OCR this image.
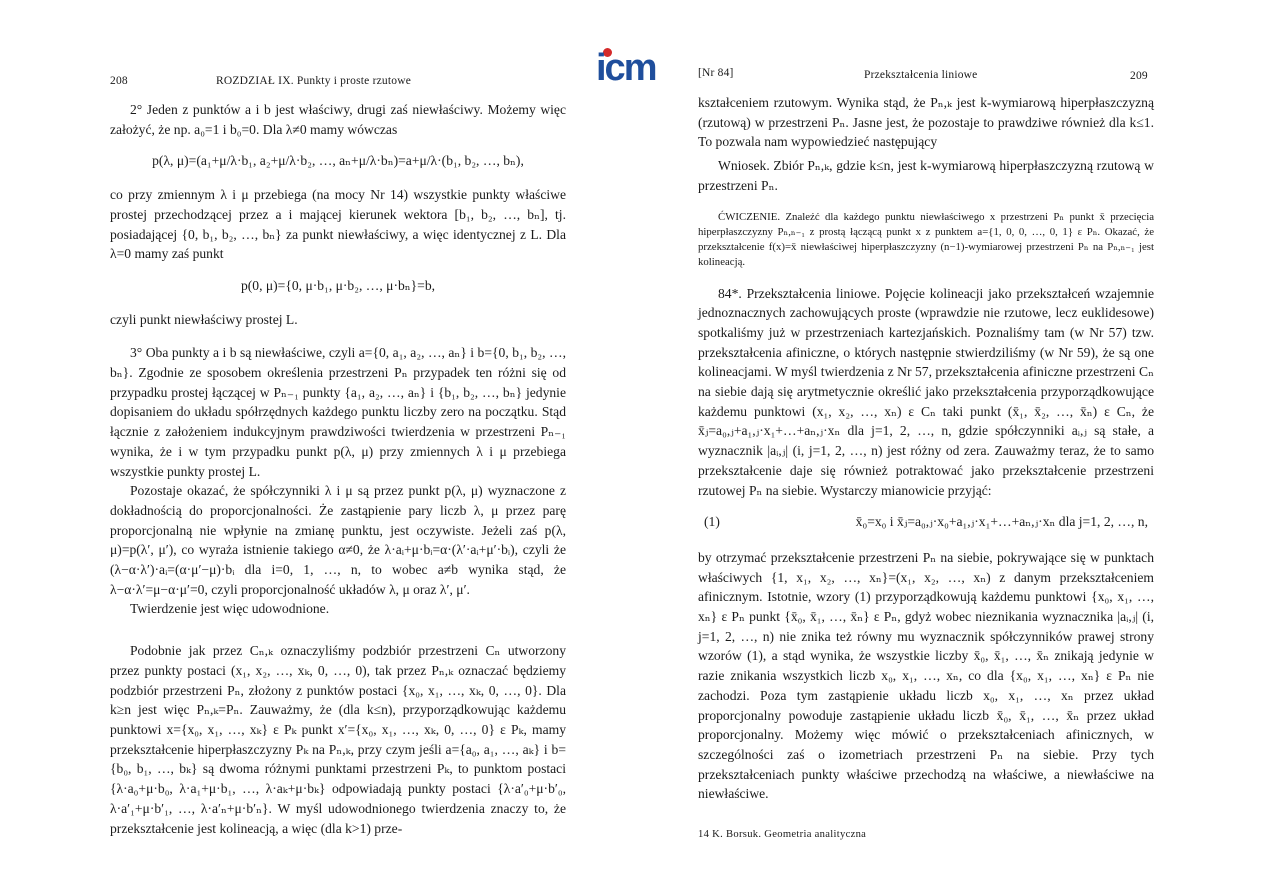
icm
208	ROZDZIAŁ IX. Punkty i proste rzutowe

2° Jeden z punktów a i b jest właściwy, drugi zaś niewłaściwy. Możemy więc założyć, że np. a₀=1 i b₀=0. Dla λ≠0 mamy wówczas

p(λ, μ)=(a₁+μ/λ·b₁, a₂+μ/λ·b₂, …, aₙ+μ/λ·bₙ)=a+μ/λ·(b₁, b₂, …, bₙ),

co przy zmiennym λ i μ przebiega (na mocy Nr 14) wszystkie punkty właściwe prostej przechodzącej przez a i mającej kierunek wektora [b₁, b₂, …, bₙ], tj. posiadającej {0, b₁, b₂, …, bₙ} za punkt niewłaściwy, a więc identycznej z L. Dla λ=0 mamy zaś punkt

p(0, μ)={0, μ·b₁, μ·b₂, …, μ·bₙ}=b,

czyli punkt niewłaściwy prostej L.

3° Oba punkty a i b są niewłaściwe, czyli a={0, a₁, a₂, …, aₙ} i b={0, b₁, b₂, …, bₙ}. Zgodnie ze sposobem określenia przestrzeni Pₙ przypadek ten różni się od przypadku prostej łączącej w Pₙ₋₁ punkty {a₁, a₂, …, aₙ} i {b₁, b₂, …, bₙ} jedynie dopisaniem do układu spółrzędnych każdego punktu liczby zero na początku. Stąd łącznie z założeniem indukcyjnym prawdziwości twierdzenia w przestrzeni Pₙ₋₁ wynika, że i w tym przypadku punkt p(λ, μ) przy zmiennych λ i μ przebiega wszystkie punkty prostej L.

Pozostaje okazać, że spółczynniki λ i μ są przez punkt p(λ, μ) wyznaczone z dokładnością do proporcjonalności. Że zastąpienie pary liczb λ, μ przez parę proporcjonalną nie wpłynie na zmianę punktu, jest oczywiste. Jeżeli zaś p(λ, μ)=p(λ′, μ′), co wyraża istnienie takiego α≠0, że λ·aᵢ+μ·bᵢ=α·(λ′·aᵢ+μ′·bᵢ), czyli że (λ−α·λ′)·aᵢ=(α·μ′−μ)·bᵢ dla i=0, 1, …, n, to wobec a≠b wynika stąd, że λ−α·λ′=μ−α·μ′=0, czyli proporcjonalność układów λ, μ oraz λ′, μ′.

Twierdzenie jest więc udowodnione.

Podobnie jak przez Cₙ,ₖ oznaczyliśmy podzbiór przestrzeni Cₙ utworzony przez punkty postaci (x₁, x₂, …, xₖ, 0, …, 0), tak przez Pₙ,ₖ oznaczać będziemy podzbiór przestrzeni Pₙ, złożony z punktów postaci {x₀, x₁, …, xₖ, 0, …, 0}. Dla k≥n jest więc Pₙ,ₖ=Pₙ. Zauważmy, że (dla k≤n), przyporządkowując każdemu punktowi x={x₀, x₁, …, xₖ} ε Pₖ punkt x′={x₀, x₁, …, xₖ, 0, …, 0} ε Pₖ, mamy przekształcenie hiperpłaszczyzny Pₖ na Pₙ,ₖ, przy czym jeśli a={a₀, a₁, …, aₖ} i b={b₀, b₁, …, bₖ} są dwoma różnymi punktami przestrzeni Pₖ, to punktom postaci {λ·a₀+μ·b₀, λ·a₁+μ·b₁, …, λ·aₖ+μ·bₖ} odpowiadają punkty postaci {λ·a′₀+μ·b′₀, λ·a′₁+μ·b′₁, …, λ·a′ₙ+μ·b′ₙ}. W myśl udowodnionego twierdzenia znaczy to, że przekształcenie jest kolineacją, a więc (dla k>1) prze-

[Nr 84]	Przekształcenia liniowe	209

kształceniem rzutowym. Wynika stąd, że Pₙ,ₖ jest k-wymiarową hiperpłaszczyzną (rzutową) w przestrzeni Pₙ. Jasne jest, że pozostaje to prawdziwe również dla k≤1. To pozwala nam wypowiedzieć następujący

Wniosek. Zbiór Pₙ,ₖ, gdzie k≤n, jest k-wymiarową hiperpłaszczyzną rzutową w przestrzeni Pₙ.

ĆWICZENIE. Znaleźć dla każdego punktu niewłaściwego x przestrzeni Pₙ punkt x̄ przecięcia hiperpłaszczyzny Pₙ,ₙ₋₁ z prostą łączącą punkt x z punktem a={1, 0, 0, …, 0, 1} ε Pₙ. Okazać, że przekształcenie f(x)=x̄ niewłaściwej hiperpłaszczyzny (n−1)-wymiarowej przestrzeni Pₙ na Pₙ,ₙ₋₁ jest kolineacją.

84*. Przekształcenia liniowe. Pojęcie kolineacji jako przekształceń wzajemnie jednoznacznych zachowujących proste (wprawdzie nie rzutowe, lecz euklidesowe) spotkaliśmy już w przestrzeniach kartezjańskich. Poznaliśmy tam (w Nr 57) tzw. przekształcenia afiniczne, o których następnie stwierdziliśmy (w Nr 59), że są one kolineacjami. W myśl twierdzenia z Nr 57, przekształcenia afiniczne przestrzeni Cₙ na siebie dają się arytmetycznie określić jako przekształcenia przyporządkowujące każdemu punktowi (x₁, x₂, …, xₙ) ε Cₙ taki punkt (x̄₁, x̄₂, …, x̄ₙ) ε Cₙ, że x̄ⱼ=a₀,ⱼ+a₁,ⱼ·x₁+…+aₙ,ⱼ·xₙ dla j=1, 2, …, n, gdzie spółczynniki aᵢ,ⱼ są stałe, a wyznacznik |aᵢ,ⱼ| (i, j=1, 2, …, n) jest różny od zera. Zauważmy teraz, że to samo przekształcenie daje się również potraktować jako przekształcenie przestrzeni rzutowej Pₙ na siebie. Wystarczy mianowicie przyjąć:

(1)	x̄₀=x₀ i x̄ⱼ=a₀,ⱼ·x₀+a₁,ⱼ·x₁+…+aₙ,ⱼ·xₙ dla j=1, 2, …, n,

by otrzymać przekształcenie przestrzeni Pₙ na siebie, pokrywające się w punktach właściwych {1, x₁, x₂, …, xₙ}=(x₁, x₂, …, xₙ) z danym przekształceniem afinicznym. Istotnie, wzory (1) przyporządkowują każdemu punktowi {x₀, x₁, …, xₙ} ε Pₙ punkt {x̄₀, x̄₁, …, x̄ₙ} ε Pₙ, gdyż wobec nieznikania wyznacznika |aᵢ,ⱼ| (i, j=1, 2, …, n) nie znika też równy mu wyznacznik spółczynników prawej strony wzorów (1), a stąd wynika, że wszystkie liczby x̄₀, x̄₁, …, x̄ₙ znikają jedynie w razie znikania wszystkich liczb x₀, x₁, …, xₙ, co dla {x₀, x₁, …, xₙ} ε Pₙ nie zachodzi. Poza tym zastąpienie układu liczb x₀, x₁, …, xₙ przez układ proporcjonalny powoduje zastąpienie układu liczb x̄₀, x̄₁, …, x̄ₙ przez układ proporcjonalny. Możemy więc mówić o przekształceniach afinicznych, w szczególności zaś o izometriach przestrzeni Pₙ na siebie. Przy tych przekształceniach punkty właściwe przechodzą na właściwe, a niewłaściwe na niewłaściwe.

14 K. Borsuk. Geometria analityczna
